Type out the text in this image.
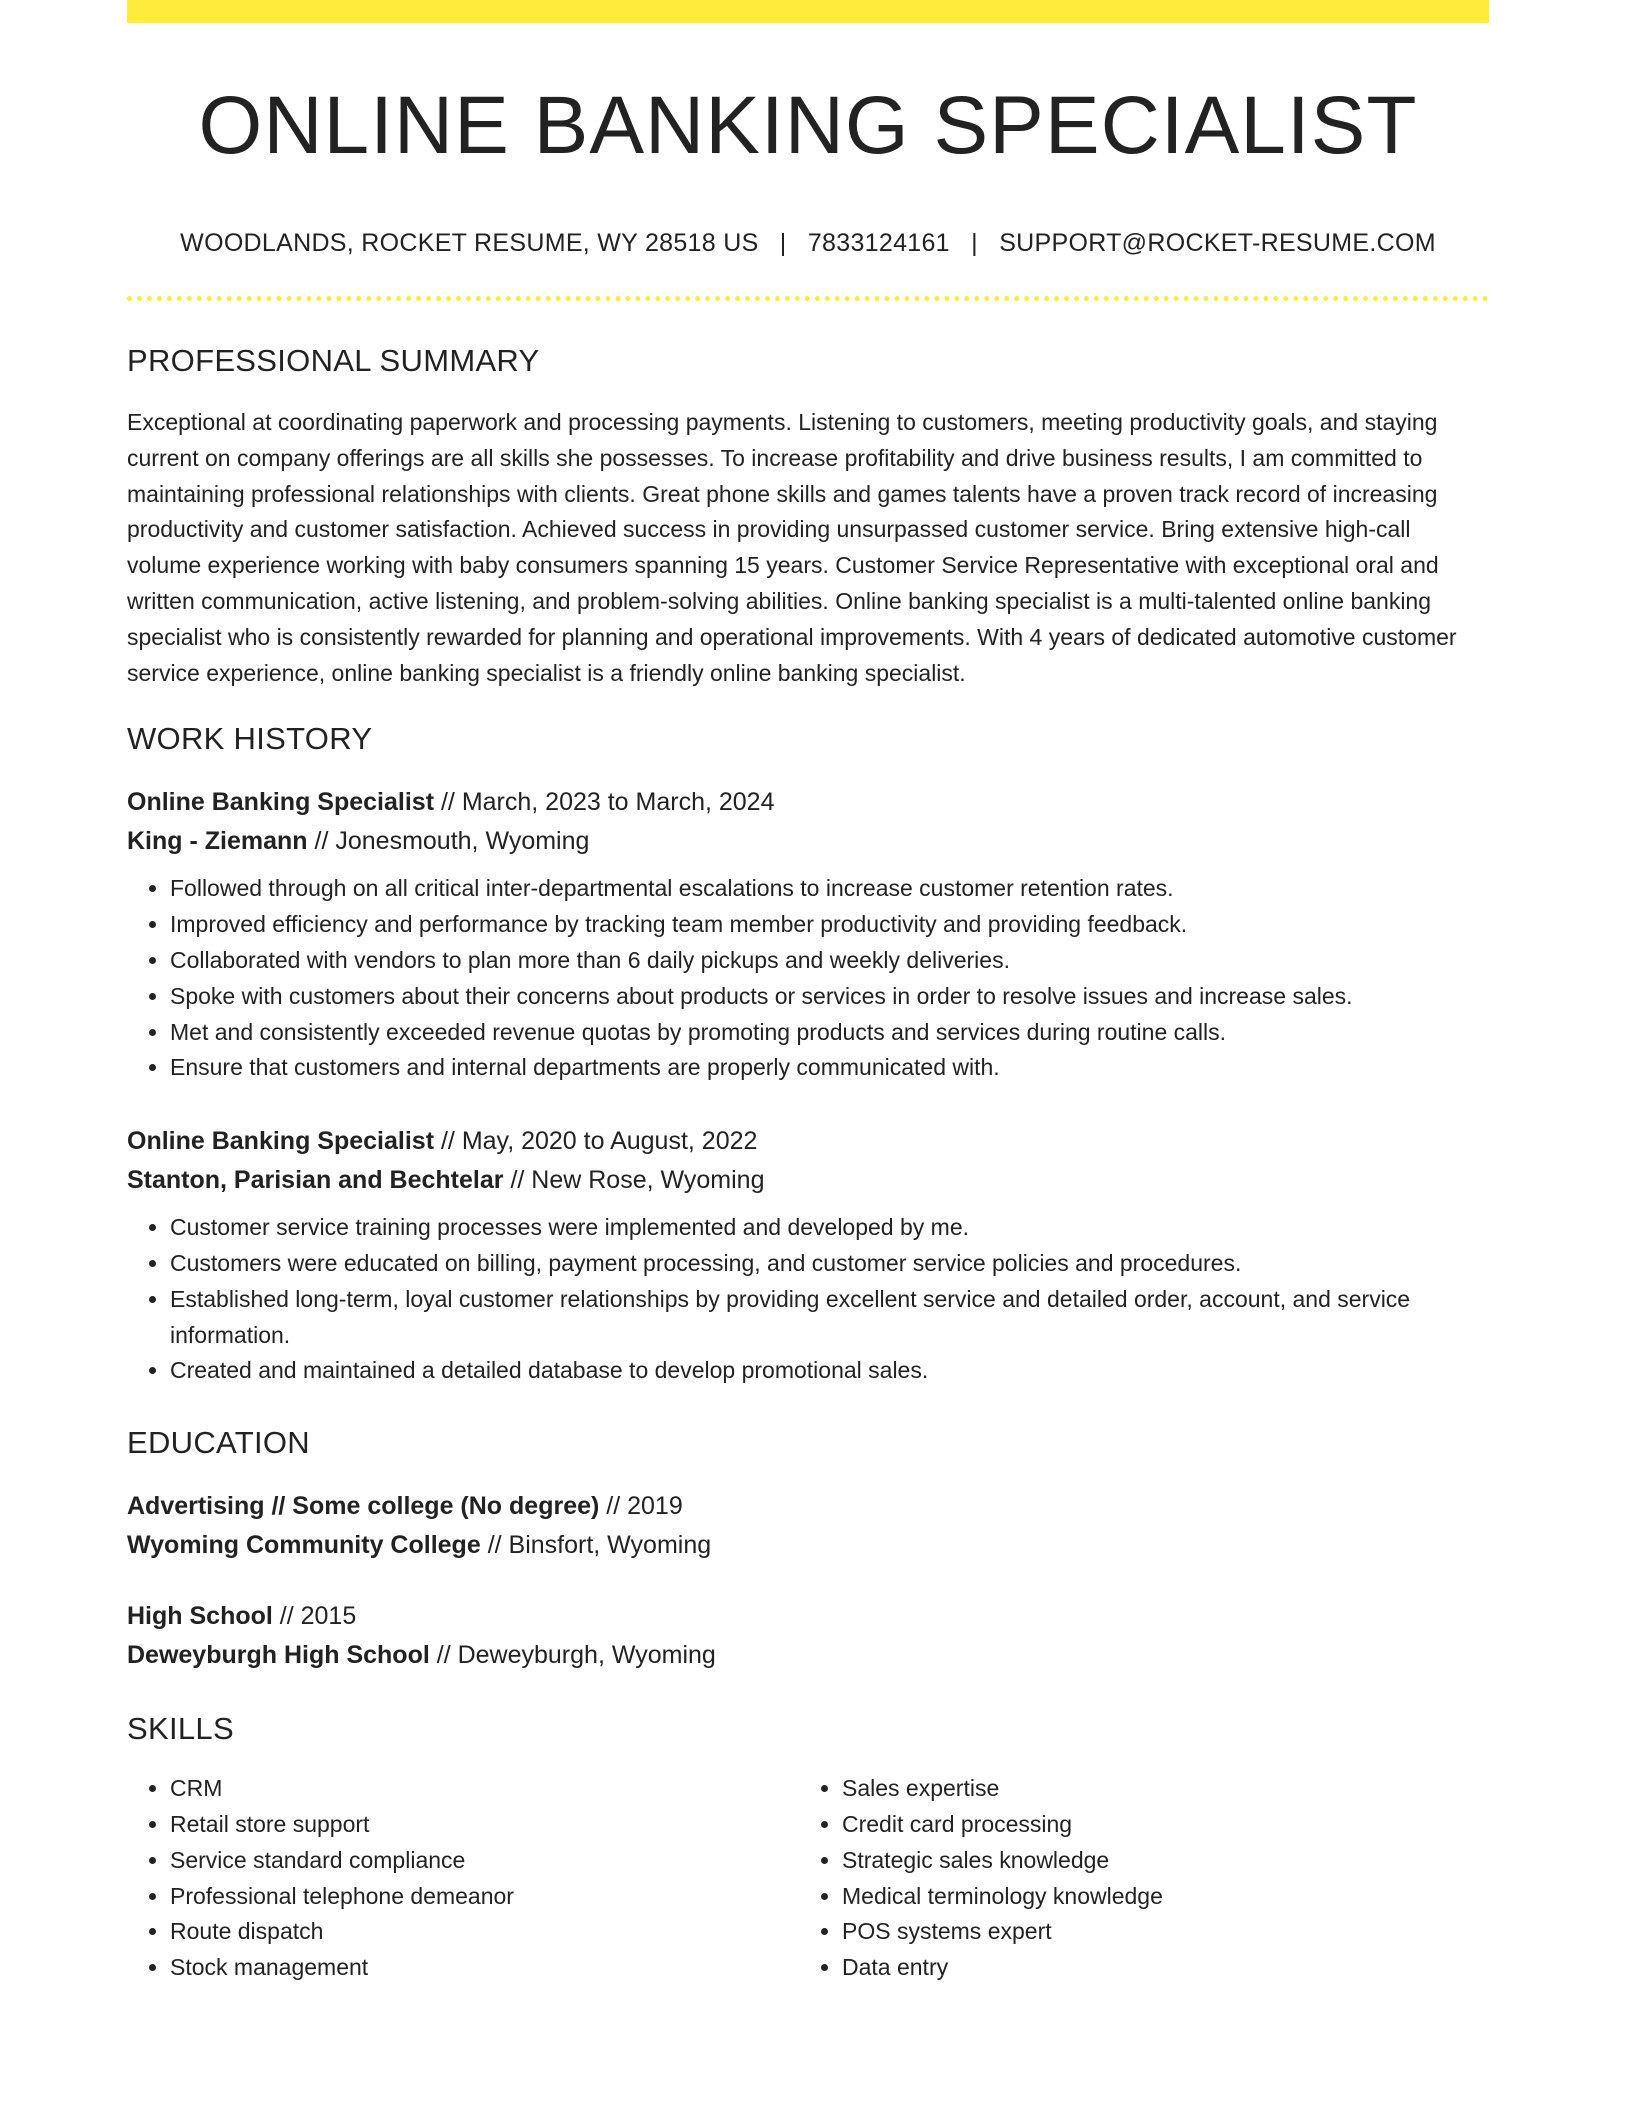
ONLINE BANKING SPECIALIST
WOODLANDS, ROCKET RESUME, WY 28518 US | 7833124161 | SUPPORT@ROCKET-RESUME.COM
PROFESSIONAL SUMMARY

Exceptional at coordinating paperwork and processing payments. Listening to customers, meeting productivity goals, and staying current on company offerings are all skills she possesses. To increase profitability and drive business results, I am committed to maintaining professional relationships with clients. Great phone skills and games talents have a proven track record of increasing productivity and customer satisfaction. Achieved success in providing unsurpassed customer service. Bring extensive high-call volume experience working with baby consumers spanning 15 years. Customer Service Representative with exceptional oral and written communication, active listening, and problem-solving abilities. Online banking specialist is a multi-talented online banking specialist who is consistently rewarded for planning and operational improvements. With 4 years of dedicated automotive customer service experience, online banking specialist is a friendly online banking specialist.

WORK HISTORY
Online Banking Specialist // March, 2023 to March, 2024
King - Ziemann // Jonesmouth, Wyoming
• Followed through on all critical inter-departmental escalations to increase customer retention rates.
• Improved efficiency and performance by tracking team member productivity and providing feedback.
• Collaborated with vendors to plan more than 6 daily pickups and weekly deliveries.
• Spoke with customers about their concerns about products or services in order to resolve issues and increase sales.
• Met and consistently exceeded revenue quotas by promoting products and services during routine calls.
• Ensure that customers and internal departments are properly communicated with.
Online Banking Specialist // May, 2020 to August, 2022
Stanton, Parisian and Bechtelar // New Rose, Wyoming
• Customer service training processes were implemented and developed by me.
• Customers were educated on billing, payment processing, and customer service policies and procedures.
• Established long-term, loyal customer relationships by providing excellent service and detailed order, account, and service information.
• Created and maintained a detailed database to develop promotional sales.
EDUCATION
Advertising // Some college (No degree) // 2019
Wyoming Community College // Binsfort, Wyoming
High School // 2015
Deweyburgh High School // Deweyburgh, Wyoming
SKILLS
• CRM
• Retail store support
• Service standard compliance
• Professional telephone demeanor
• Route dispatch
• Stock management
• Sales expertise
• Credit card processing
• Strategic sales knowledge
• Medical terminology knowledge
• POS systems expert
• Data entry
